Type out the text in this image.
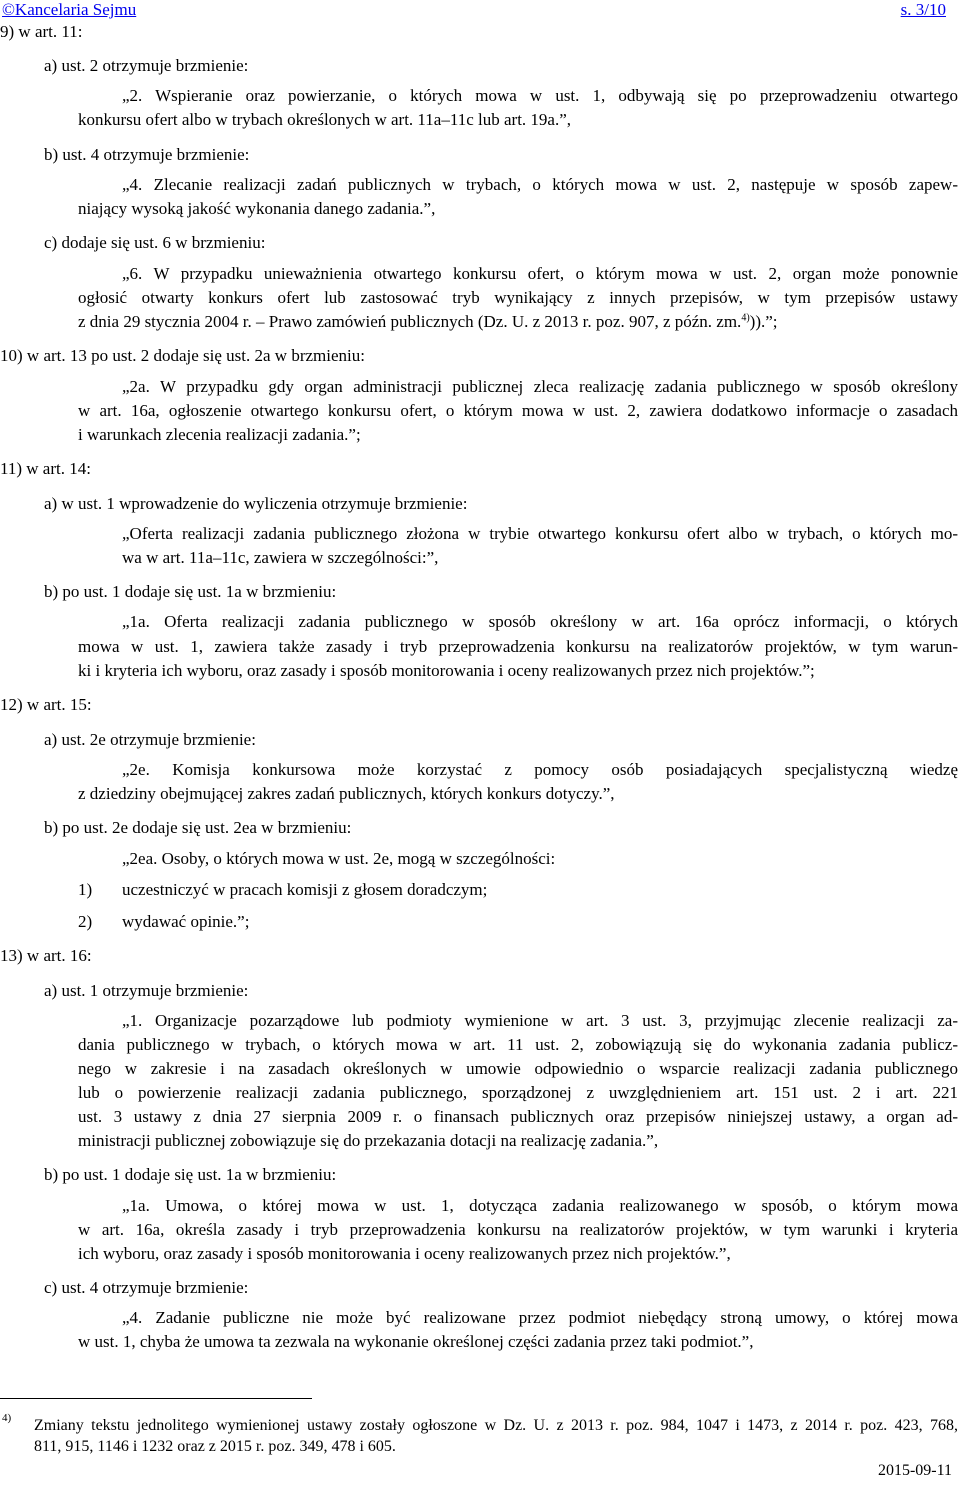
©Kancelaria Sejmu	s. 3/10
9) w art. 11:
a) ust. 2 otrzymuje brzmienie:
„2. Wspieranie oraz powierzanie, o których mowa w ust. 1, odbywają się po przeprowadzeniu otwartego
konkursu ofert albo w trybach określonych w art. 11a–11c lub art. 19a.”,
b) ust. 4 otrzymuje brzmienie:
„4. Zlecanie realizacji zadań publicznych w trybach, o których mowa w ust. 2, następuje w sposób zapew-
niający wysoką jakość wykonania danego zadania.”,
c) dodaje się ust. 6 w brzmieniu:
„6. W przypadku unieważnienia otwartego konkursu ofert, o którym mowa w ust. 2, organ może ponownie
ogłosić otwarty konkurs ofert lub zastosować tryb wynikający z innych przepisów, w tym przepisów ustawy
z dnia 29 stycznia 2004 r. – Prawo zamówień publicznych (Dz. U. z 2013 r. poz. 907, z późn. zm.$^{4)}$)).”;
10) w art. 13 po ust. 2 dodaje się ust. 2a w brzmieniu:
„2a. W przypadku gdy organ administracji publicznej zleca realizację zadania publicznego w sposób określony
w art. 16a, ogłoszenie otwartego konkursu ofert, o którym mowa w ust. 2, zawiera dodatkowo informacje o zasadach
i warunkach zlecenia realizacji zadania.”;
11) w art. 14:
a) w ust. 1 wprowadzenie do wyliczenia otrzymuje brzmienie:
„Oferta realizacji zadania publicznego złożona w trybie otwartego konkursu ofert albo w trybach, o których mo-
wa w art. 11a–11c, zawiera w szczególności:”,
b) po ust. 1 dodaje się ust. 1a w brzmieniu:
„1a. Oferta realizacji zadania publicznego w sposób określony w art. 16a oprócz informacji, o których
mowa w ust. 1, zawiera także zasady i tryb przeprowadzenia konkursu na realizatorów projektów, w tym warun-
ki i kryteria ich wyboru, oraz zasady i sposób monitorowania i oceny realizowanych przez nich projektów.”;
12) w art. 15:
a) ust. 2e otrzymuje brzmienie:
„2e. Komisja konkursowa może korzystać z pomocy osób posiadających specjalistyczną wiedzę
z dziedziny obejmującej zakres zadań publicznych, których konkurs dotyczy.”,
b) po ust. 2e dodaje się ust. 2ea w brzmieniu:
„2ea. Osoby, o których mowa w ust. 2e, mogą w szczególności:
1) uczestniczyć w pracach komisji z głosem doradczym;
2) wydawać opinie.”;
13) w art. 16:
a) ust. 1 otrzymuje brzmienie:
„1. Organizacje pozarządowe lub podmioty wymienione w art. 3 ust. 3, przyjmując zlecenie realizacji za-
dania publicznego w trybach, o których mowa w art. 11 ust. 2, zobowiązują się do wykonania zadania publicz-
nego w zakresie i na zasadach określonych w umowie odpowiednio o wsparcie realizacji zadania publicznego
lub o powierzenie realizacji zadania publicznego, sporządzonej z uwzględnieniem art. 151 ust. 2 i art. 221
ust. 3 ustawy z dnia 27 sierpnia 2009 r. o finansach publicznych oraz przepisów niniejszej ustawy, a organ ad-
ministracji publicznej zobowiązuje się do przekazania dotacji na realizację zadania.”,
b) po ust. 1 dodaje się ust. 1a w brzmieniu:
„1a. Umowa, o której mowa w ust. 1, dotycząca zadania realizowanego w sposób, o którym mowa
w art. 16a, określa zasady i tryb przeprowadzenia konkursu na realizatorów projektów, w tym warunki i kryteria
ich wyboru, oraz zasady i sposób monitorowania i oceny realizowanych przez nich projektów.”,
c) ust. 4 otrzymuje brzmienie:
„4. Zadanie publiczne nie może być realizowane przez podmiot niebędący stroną umowy, o której mowa
w ust. 1, chyba że umowa ta zezwala na wykonanie określonej części zadania przez taki podmiot.”,
4) Zmiany tekstu jednolitego wymienionej ustawy zostały ogłoszone w Dz. U. z 2013 r. poz. 984, 1047 i 1473, z 2014 r. poz. 423, 768,
811, 915, 1146 i 1232 oraz z 2015 r. poz. 349, 478 i 605.
2015-09-11
